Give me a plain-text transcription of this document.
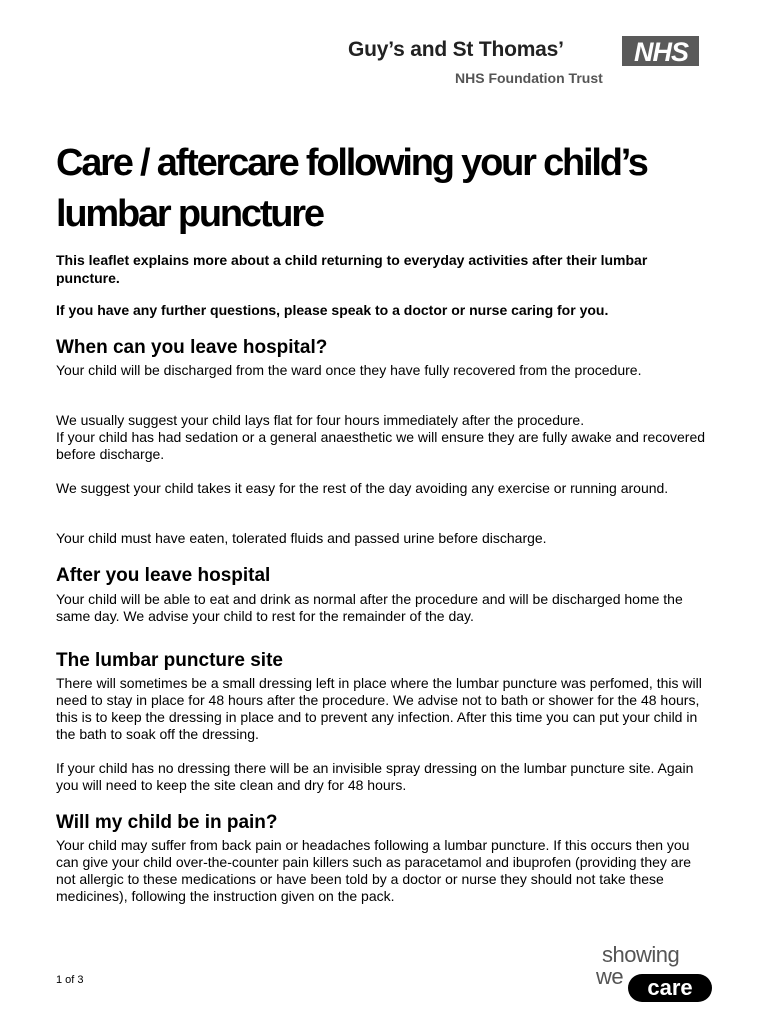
Guy’s and St Thomas’
NHS Foundation Trust
NHS
Care / aftercare following your child’s lumbar puncture

This leaflet explains more about a child returning to everyday activities after their lumbar puncture.

If you have any further questions, please speak to a doctor or nurse caring for you.

When can you leave hospital?

Your child will be discharged from the ward once they have fully recovered from the procedure.

We usually suggest your child lays flat for four hours immediately after the procedure.
If your child has had sedation or a general anaesthetic we will ensure they are fully awake and recovered before discharge.

We suggest your child takes it easy for the rest of the day avoiding any exercise or running around.

Your child must have eaten, tolerated fluids and passed urine before discharge.

After you leave hospital

Your child will be able to eat and drink as normal after the procedure and will be discharged home the same day. We advise your child to rest for the remainder of the day.

The lumbar puncture site

There will sometimes be a small dressing left in place where the lumbar puncture was perfomed, this will need to stay in place for 48 hours after the procedure. We advise not to bath or shower for the 48 hours, this is to keep the dressing in place and to prevent any infection. After this time you can put your child in the bath to soak off the dressing.

If your child has no dressing there will be an invisible spray dressing on the lumbar puncture site. Again you will need to keep the site clean and dry for 48 hours.

Will my child be in pain?

Your child may suffer from back pain or headaches following a lumbar puncture. If this occurs then you can give your child over-the-counter pain killers such as paracetamol and ibuprofen (providing they are not allergic to these medications or have been told by a doctor or nurse they should not take these medicines), following the instruction given on the pack.

1 of 3
showing
we	care
